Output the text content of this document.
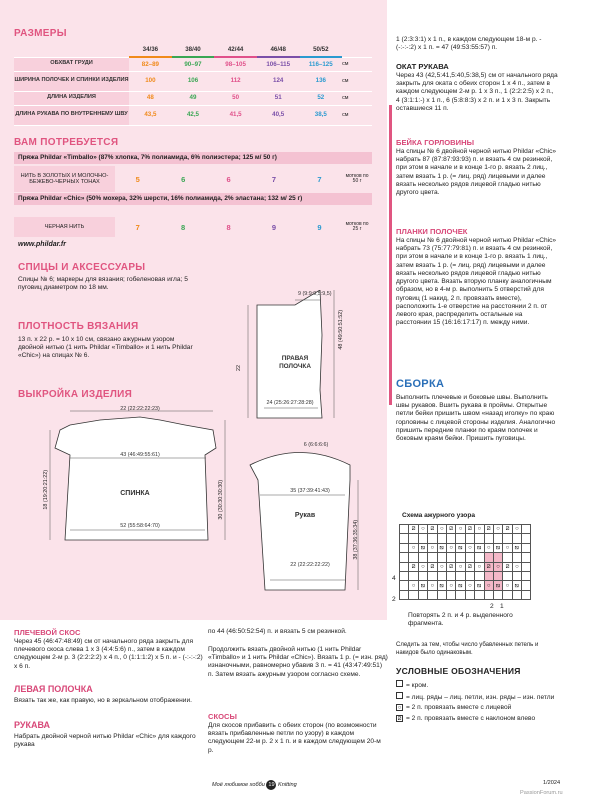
РАЗМЕРЫ
	34/36	38/40	42/44	46/48	50/52	
ОБХВАТ ГРУДИ	82–89	90–97	98–105	106–115	116–125	см
ШИРИНА ПОЛОЧЕК И СПИНКИ ИЗДЕЛИЯ	100	106	112	124	136	см
ДЛИНА ИЗДЕЛИЯ	48	49	50	51	52	см
ДЛИНА РУКАВА ПО ВНУТРЕННЕМУ ШВУ	43,5	42,5	41,5	40,5	38,5	см
ВАМ ПОТРЕБУЕТСЯ
Пряжа Phildar «Timballo» (87% хлопка, 7% полиамида, 6% полиэстера; 125 м/ 50 г)
НИТЬ В ЗОЛОТЫХ И МОЛОЧНО-БЕЖЕВО-ЧЕРНЫХ ТОНАХ	5	6	6	7	7	мотков по 50 г
Пряжа Phildar «Chic» (50% мохера, 32% шерсти, 16% полиамида, 2% эластана; 132 м/ 25 г)
ЧЕРНАЯ НИТЬ	7	8	8	9	9	мотков по 25 г
www.phildar.fr
СПИЦЫ И АКСЕССУАРЫ
Спицы № 6; маркеры для вязания; гобеленовая игла; 5 пуговиц диаметром по 18 мм.
ПЛОТНОСТЬ ВЯЗАНИЯ
13 п. x 22 р. = 10 x 10 см, связано ажурным узором двойной нитью (1 нить Phildar «Timballo» и 1 нить Phildar «Chic») на спицах № 6.
ВЫКРОЙКА ИЗДЕЛИЯ
9 (9:9:9,5:9,5)
ПРАВАЯ ПОЛОЧКА
24 (25:26:27:28:28)
22
48 (49:50:51:52)
22 (22:22:22:23)
43 (46:49:55:61)
СПИНКА
52 (55:58:64:70)
18 (19:20:21:22)	30 (30:30:30:30)	35 (37:39:41:43)
Рукав
22 (22:22:22:22)
38 (37:36:35:34)
6 (6:6:6:6)
ПЛЕЧЕВОЙ СКОС
Через 45 (46:47:48:49) см от начального ряда закрыть для плечевого скоса слева 1 x 3 (4:4:5:6) п., затем в каждом следующем 2-м р. 3 (2:2:2:2) x 4 п., 0 (1:1:1:2) x 5 п. и - (-:-:-:2) x 6 п.
ЛЕВАЯ ПОЛОЧКА
Вязать так же, как правую, но в зеркальном отображении.
РУКАВА
Набрать двойной черной нитью Phildar «Chic» для каждого рукава
по 44 (46:50:52:54) п. и вязать 5 см резинкой.
Продолжить вязать двойной нитью (1 нить Phildar «Timballo» и 1 нить Phildar «Chic»). Вязать 1 р. (= изн. ряд) изнаночными, равномерно убавив 3 п. = 41 (43:47:49:51) п. Затем вязать ажурным узором согласно схеме.
СКОСЫ
Для скосов прибавить с обеих сторон (по возможности вязать прибавленные петли по узору) в каждом следующем 22-м р. 2 x 1 п. и в каждом следующем 20-м р.
1 (2:3:3:1) x 1 п., в каждом следующем 18-м р. - (-:-:-:2) x 1 п. = 47 (49:53:55:57) п.
ОКАТ РУКАВА
Через 43 (42,5:41,5:40,5:38,5) см от начального ряда закрыть для оката с обеих сторон 1 x 4 п., затем в каждом следующем 2-м р. 1 x 3 п., 1 (2:2:2:5) x 2 п., 4 (3:1:1:-) x 1 п., 6 (5:8:8:3) x 2 п. и 1 x 3 п. Закрыть оставшиеся 11 п.
БЕЙКА ГОРЛОВИНЫ
На спицы № 6 двойной черной нитью Phildar «Chic» набрать 87 (87:87:93:93) п. и вязать 4 см резинкой, при этом в начале и в конце 1-го р. вязать 2 лиц., затем вязать 1 р. (= лиц. ряд) лицевыми и далее вязать несколько рядов лицевой гладью нитью другого цвета.
ПЛАНКИ ПОЛОЧЕК
На спицы № 6 двойной черной нитью Phildar «Chic» набрать 73 (75:77:79:81) п. и вязать 4 см резинкой, при этом в начале и в конце 1-го р. вязать 1 лиц., затем вязать 1 р. (= лиц. ряд) лицевыми и далее вязать несколько рядов лицевой гладью нитью другого цвета. Вязать вторую планку аналогичным образом, но в 4-м р. выполнить 5 отверстий для пуговиц (1 накид, 2 п. провязать вместе), расположить 1-е отверстие на расстоянии 2 п. от левого края, распределить остальные на расстоянии 15 (16:16:17:17) п. между ними.
СБОРКА
Выполнить плечевые и боковые швы. Выполнить швы рукавов. Вшить рукава в проймы. Открытые петли бейки пришить швом «назад иголку» по краю горловины с лицевой стороны изделия. Аналогично пришить передние планки по краям полочек и боковым краям бейки. Пришить пуговицы.
Схема ажурного узора
	⧄	○	⧄	○	⧄	○	⧄	○	⧄	○	⧄	○	

	○	⧅	○	⧅	○	⧅	○	⧅	○	⧅	○	⧅	

	⧄	○	⧄	○	⧄	○	⧄	○	⧄	○	⧄	○	

	○	⧅	○	⧅	○	⧅	○	⧅	○	⧅	○	⧅	

4
2
2 1
Повторять 2 п. и 4 р. выделенного фрагмента.
Следить за тем, чтобы число убавленных петель и накидов было одинаковым.
УСЛОВНЫЕ ОБОЗНАЧЕНИЯ
= кром.
= лиц. ряды – лиц. петли, изн. ряды – изн. петли
○ = 2 п. провязать вместе с лицевой
⧄ = 2 п. провязать вместе с наклоном влево
Моё любимое хобби 19 Knitting	1/2024
PassionForum.ru
